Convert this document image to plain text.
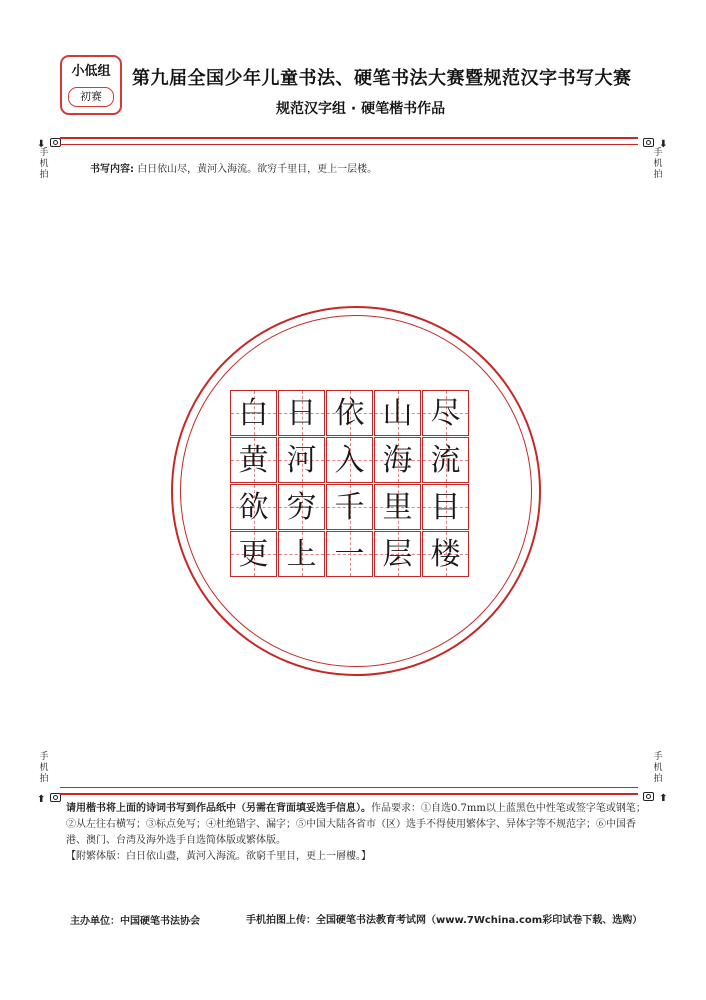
小低组
初赛
第九届全国少年儿童书法、硬笔书法大赛暨规范汉字书写大赛
规范汉字组 · 硬笔楷书作品
⬇
手机拍
⬇
手机拍
书写内容: 白日依山尽，黄河入海流。欲穷千里目，更上一层楼。
白 日 依 山 尽
黄 河 入 海 流
欲 穷 千 里 目
更 上 一 层 楼
手机拍
⬆
手机拍
⬆
请用楷书将上面的诗词书写到作品纸中（另需在背面填妥选手信息）。作品要求：①自选0.7mm以上蓝黑色中性笔或签字笔或钢笔；②从左往右横写；③标点免写；④杜绝错字、漏字；⑤中国大陆各省市（区）选手不得使用繁体字、异体字等不规范字；⑥中国香港、澳门、台湾及海外选手自选简体版或繁体版。
【附繁体版：白日依山盡，黃河入海流。欲窮千里目，更上一層樓。】
主办单位：中国硬笔书法协会	手机拍图上传：全国硬笔书法教育考试网（www.7Wchina.com彩印试卷下载、选购）
